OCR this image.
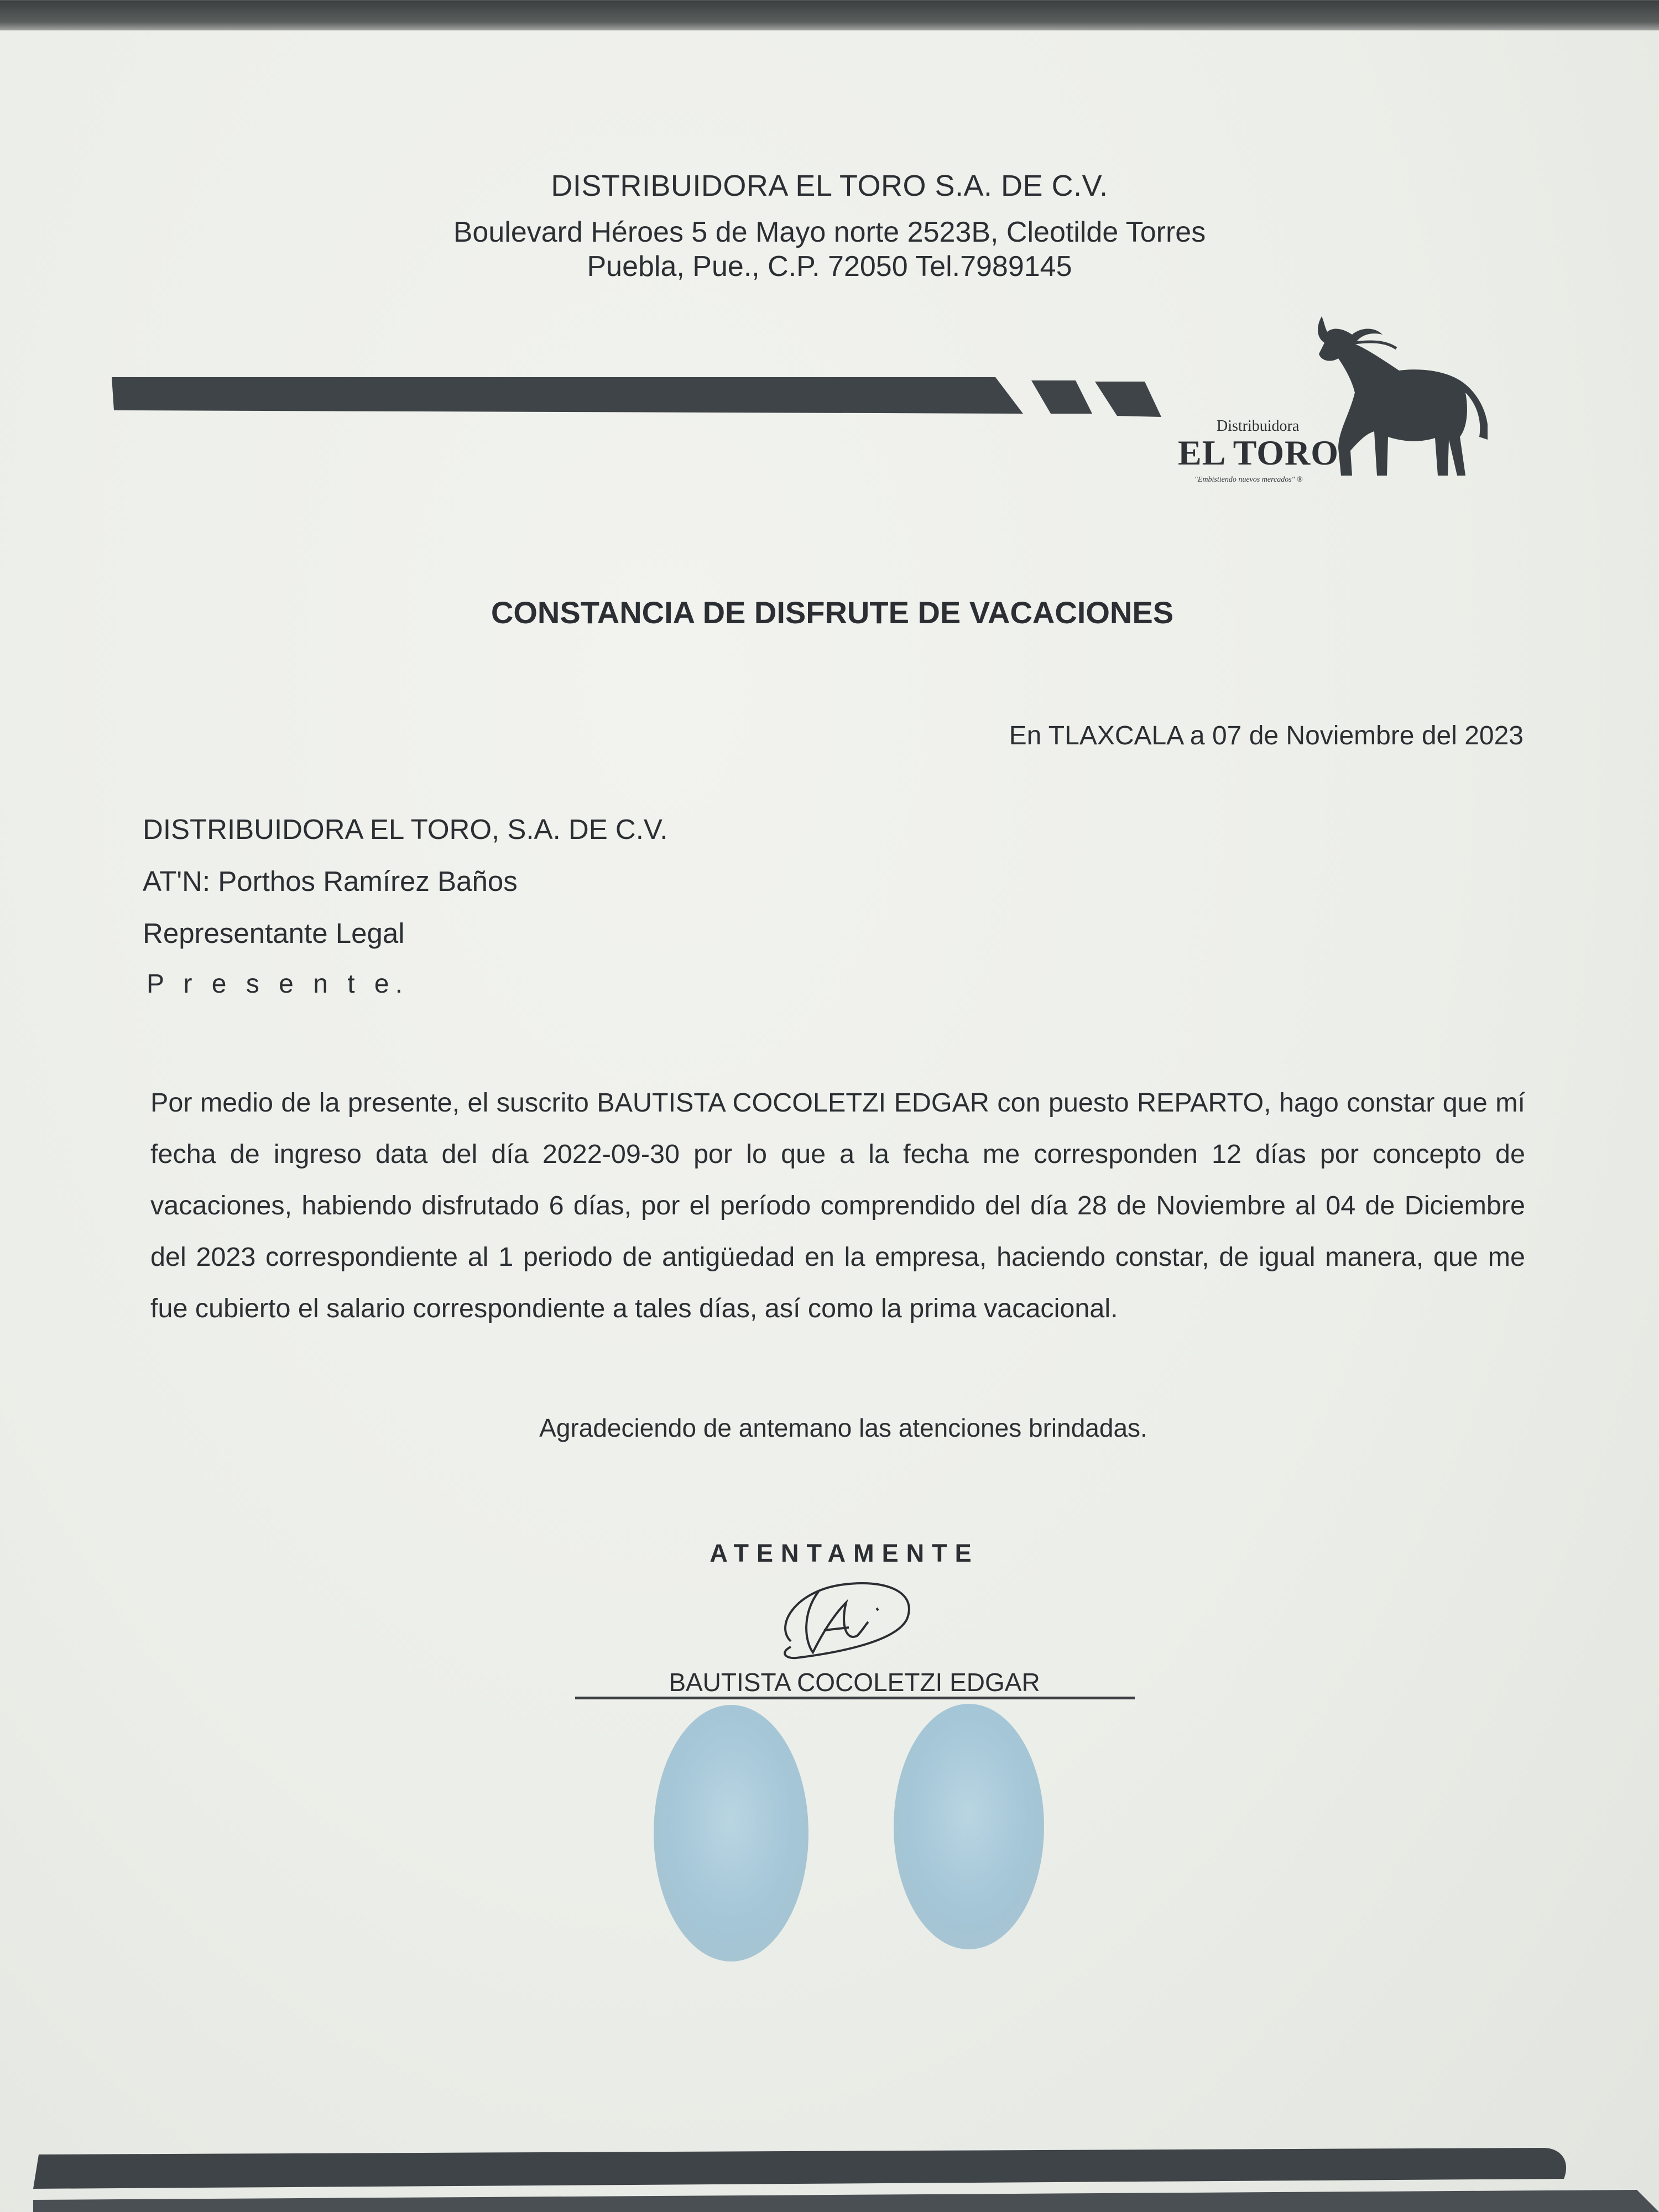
DISTRIBUIDORA EL TORO S.A. DE C.V.
Boulevard Héroes 5 de Mayo norte 2523B, Cleotilde Torres
Puebla, Pue., C.P. 72050 Tel.7989145
Distribuidora
EL TORO
"Embistiendo nuevos mercados" ®
CONSTANCIA DE DISFRUTE DE VACACIONES
En TLAXCALA a 07 de Noviembre del 2023
DISTRIBUIDORA EL TORO, S.A. DE C.V.
AT'N: Porthos Ramírez Baños
Representante Legal
P r e s e n t e.
Por medio de la presente, el suscrito BAUTISTA COCOLETZI EDGAR con puesto REPARTO, hago constar que mí fecha de ingreso data del día 2022-09-30 por lo que a la fecha me corresponden 12 días por concepto de vacaciones, habiendo disfrutado 6 días, por el período comprendido del día 28 de Noviembre al 04 de Diciembre del 2023 correspondiente al 1 periodo de antigüedad en la empresa, haciendo constar, de igual manera, que me fue cubierto el salario correspondiente a tales días, así como la prima vacacional.
Agradeciendo de antemano las atenciones brindadas.
ATENTAMENTE
BAUTISTA COCOLETZI EDGAR
